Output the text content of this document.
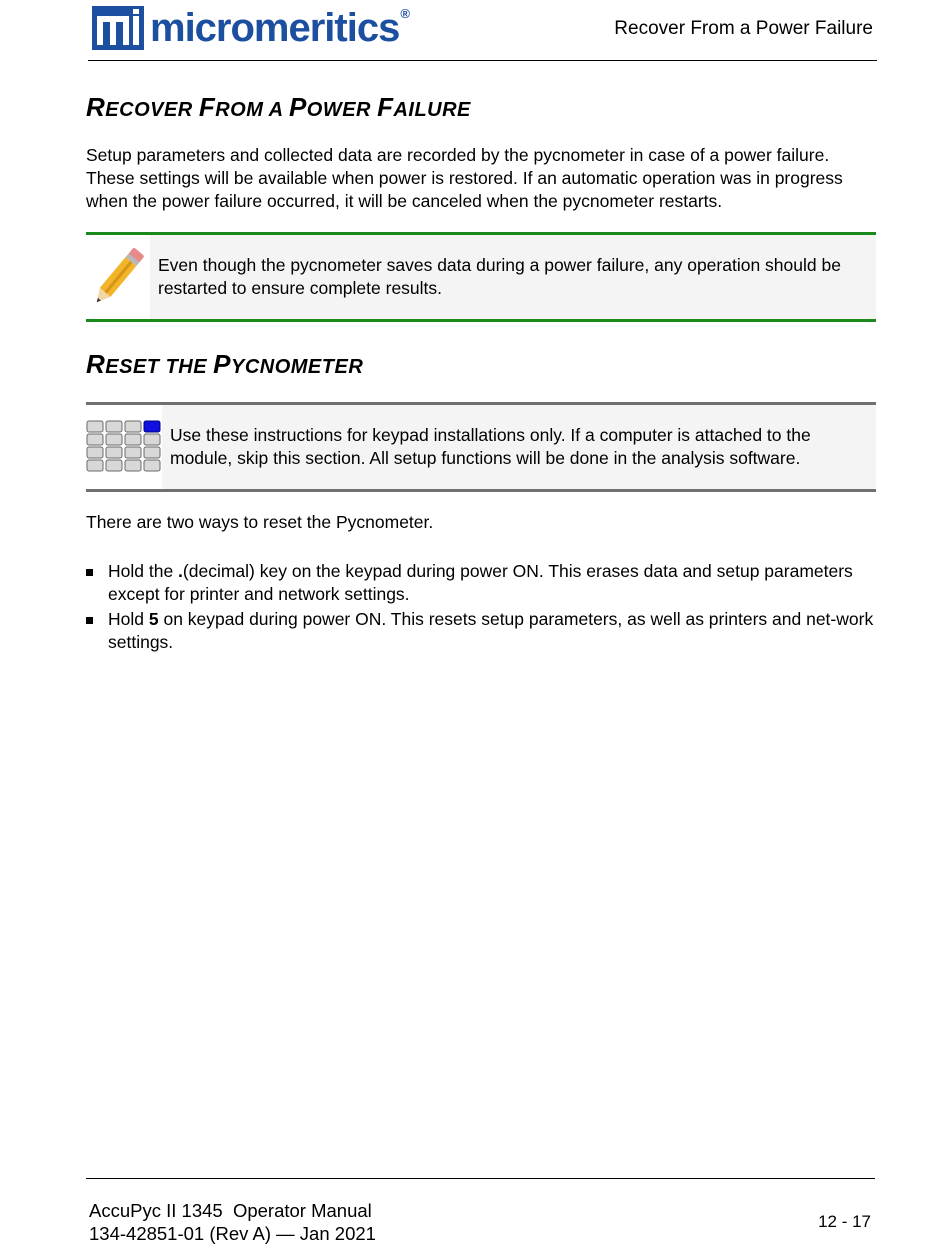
micromeritics®
Recover From a Power Failure
RECOVER FROM A POWER FAILURE
Setup parameters and collected data are recorded by the pycnometer in case of a power failure. These settings will be available when power is restored. If an automatic operation was in progress when the power failure occurred, it will be canceled when the pycnometer restarts.
Even though the pycnometer saves data during a power failure, any operation should be restarted to ensure complete results.
RESET THE PYCNOMETER
Use these instructions for keypad installations only. If a computer is attached to the module, skip this section. All setup functions will be done in the analysis software.
There are two ways to reset the Pycnometer.
Hold the .(decimal) key on the keypad during power ON. This erases data and setup parameters except for printer and network settings.
Hold 5 on keypad during power ON. This resets setup parameters, as well as printers and net-work settings.
AccuPyc II 1345  Operator Manual
134-42851-01 (Rev A) — Jan 2021
12 - 17
